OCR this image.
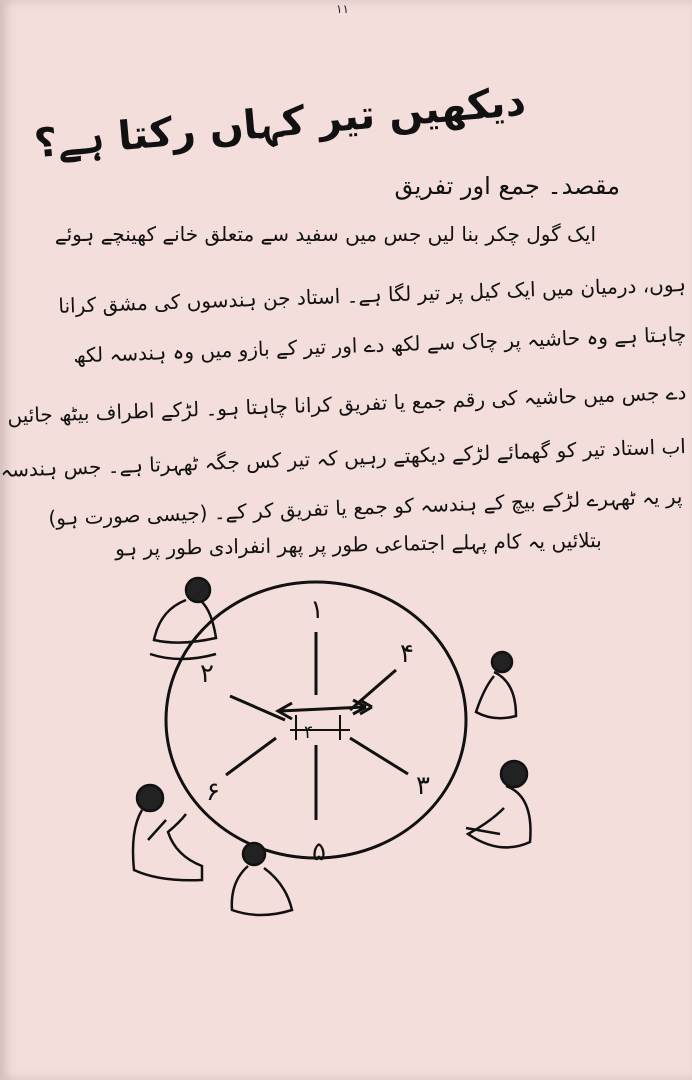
۱۱
دیکھیں تیر کہاں رکتا ہے؟
مقصد۔ جمع اور تفریق
ایک گول چکر بنا لیں جس میں سفید سے متعلق خانے کھینچے ہوئے
ہوں، درمیان میں ایک کیل پر تیر لگا ہے۔ استاد جن ہندسوں کی مشق کرانا
چاہتا ہے وہ حاشیہ پر چاک سے لکھ دے اور تیر کے بازو میں وہ ہندسہ لکھ
دے جس میں حاشیہ کی رقم جمع یا تفریق کرانا چاہتا ہو۔ لڑکے اطراف بیٹھ جائیں
اب استاد تیر کو گھمائے لڑکے دیکھتے رہیں کہ تیر کس جگہ ٹھہرتا ہے۔ جس ہندسہ
پر یہ ٹھہرے لڑکے بیچ کے ہندسہ کو جمع یا تفریق کر کے۔ (جیسی صورت ہو)
بتلائیں یہ کام پہلے اجتماعی طور پر پھر انفرادی طور پر ہو
۱
۲
۳
۴
۵
۶
۴
